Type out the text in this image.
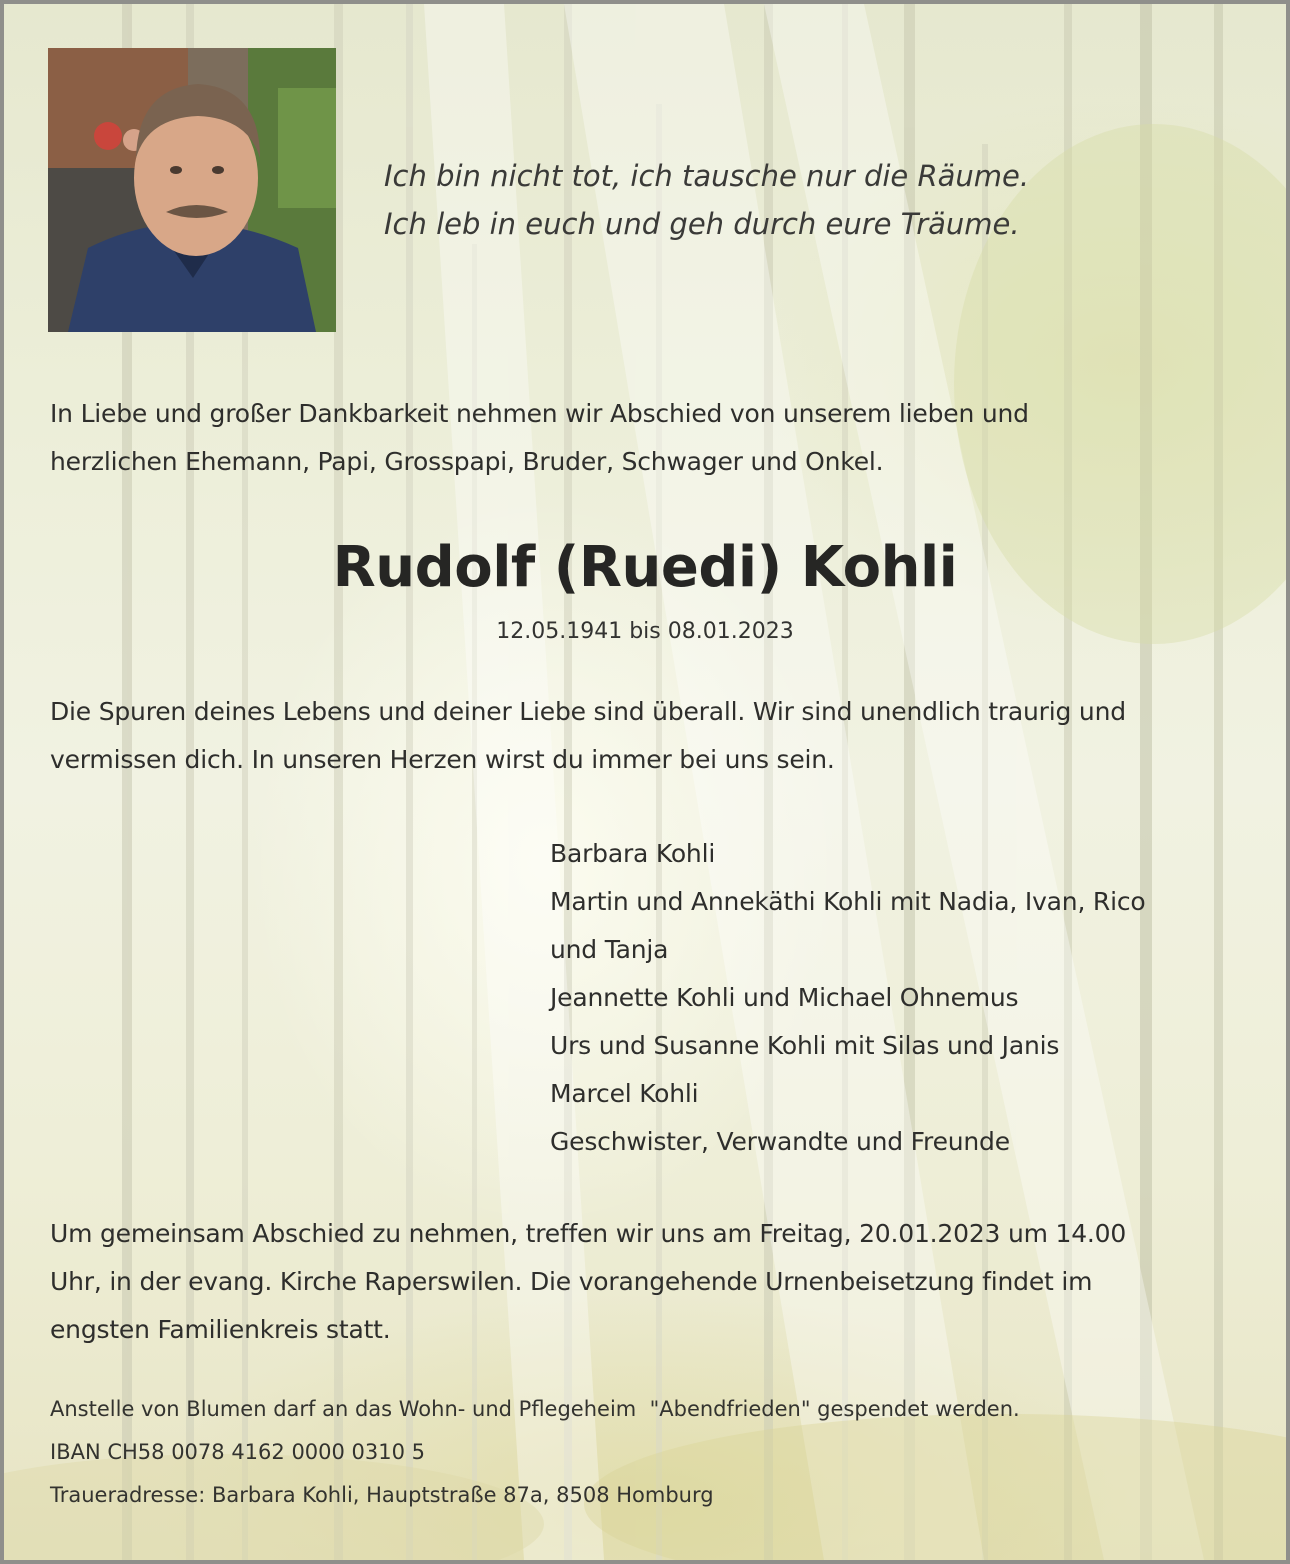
Ich bin nicht tot, ich tausche nur die Räume.
Ich leb in euch und geh durch eure Träume.
In Liebe und großer Dankbarkeit nehmen wir Abschied von unserem lieben und
herzlichen Ehemann, Papi, Grosspapi, Bruder, Schwager und Onkel.
Rudolf (Ruedi) Kohli
12.05.1941 bis 08.01.2023
Die Spuren deines Lebens und deiner Liebe sind überall. Wir sind unendlich traurig und
vermissen dich. In unseren Herzen wirst du immer bei uns sein.
Barbara Kohli
Martin und Annekäthi Kohli mit Nadia, Ivan, Rico
und Tanja
Jeannette Kohli und Michael Ohnemus
Urs und Susanne Kohli mit Silas und Janis
Marcel Kohli
Geschwister, Verwandte und Freunde
Um gemeinsam Abschied zu nehmen, treffen wir uns am Freitag, 20.01.2023 um 14.00
Uhr, in der evang. Kirche Raperswilen. Die vorangehende Urnenbeisetzung findet im
engsten Familienkreis statt.
Anstelle von Blumen darf an das Wohn- und Pflegeheim  "Abendfrieden" gespendet werden.
IBAN CH58 0078 4162 0000 0310 5
Traueradresse: Barbara Kohli, Hauptstraße 87a, 8508 Homburg
